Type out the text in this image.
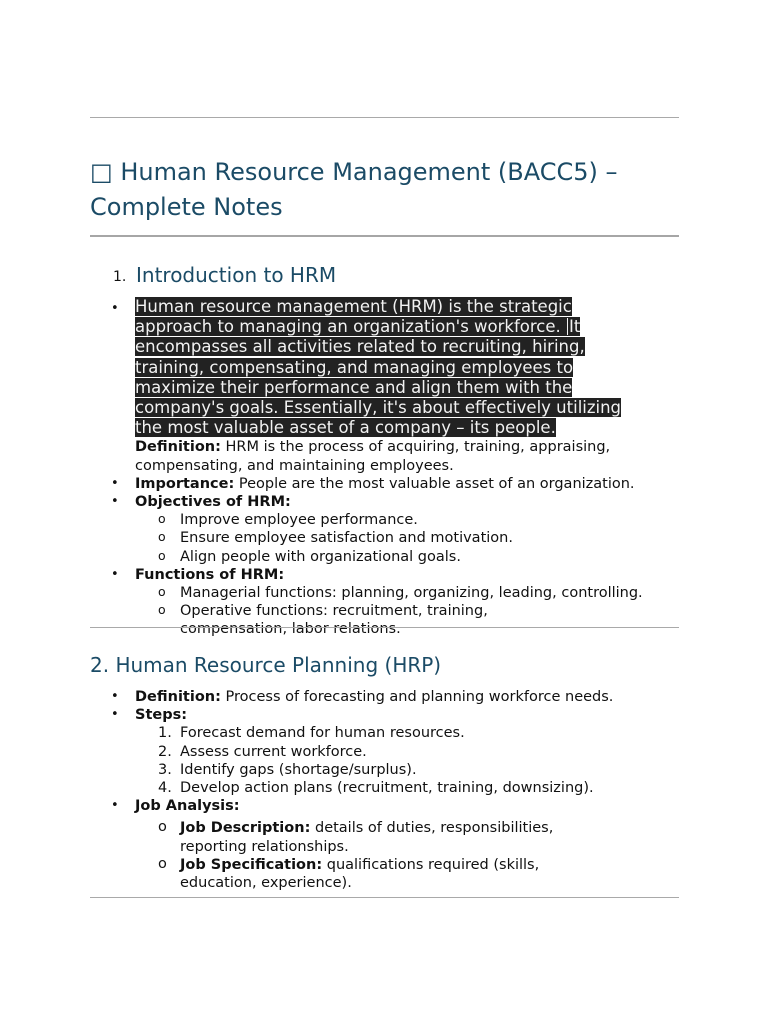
□ Human Resource Management (BACC5) – Complete Notes
1. Introduction to HRM
• Human resource management (HRM) is the strategic approach to managing an organization's workforce. It encompasses all activities related to recruiting, hiring, training, compensating, and managing employees to maximize their performance and align them with the company's goals. Essentially, it's about effectively utilizing the most valuable asset of a company – its people. Definition: HRM is the process of acquiring, training, appraising, compensating, and maintaining employees.
• Importance: People are the most valuable asset of an organization.
• Objectives of HRM:
o Improve employee performance.
o Ensure employee satisfaction and motivation.
o Align people with organizational goals.
• Functions of HRM:
o Managerial functions: planning, organizing, leading, controlling.
o Operative functions: recruitment, training, compensation, labor relations.
2. Human Resource Planning (HRP)
• Definition: Process of forecasting and planning workforce needs.
• Steps:
1. Forecast demand for human resources.
2. Assess current workforce.
3. Identify gaps (shortage/surplus).
4. Develop action plans (recruitment, training, downsizing).
• Job Analysis:
o Job Description: details of duties, responsibilities, reporting relationships.
o Job Specification: qualifications required (skills, education, experience).
